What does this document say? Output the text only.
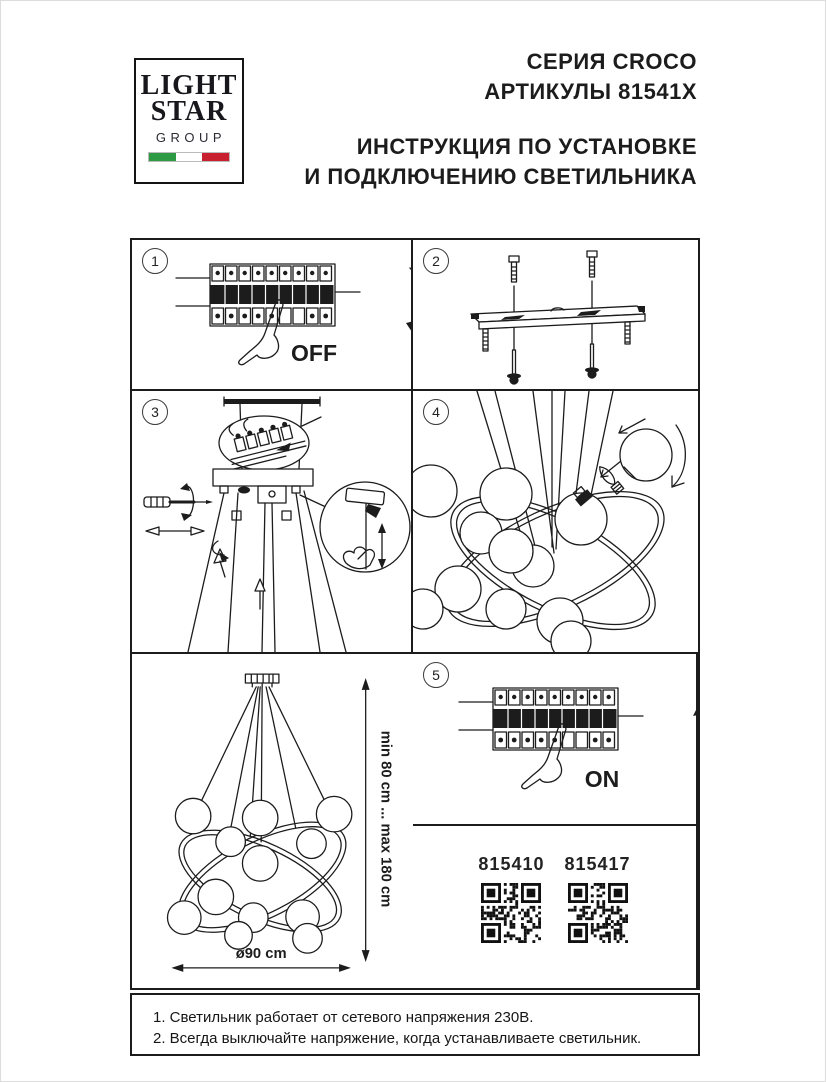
LIGHT
STAR
GROUP
СЕРИЯ CROCO
АРТИКУЛЫ 81541X
ИНСТРУКЦИЯ ПО УСТАНОВКЕ
И ПОДКЛЮЧЕНИЮ СВЕТИЛЬНИКА
1
OFF
2
3	4
5
ON
815410 815417
min 80 cm ... max 180 cm
ø90 cm
1. Светильник работает от сетевого напряжения 230В.
2. Всегда выключайте напряжение, когда устанавливаете светильник.
